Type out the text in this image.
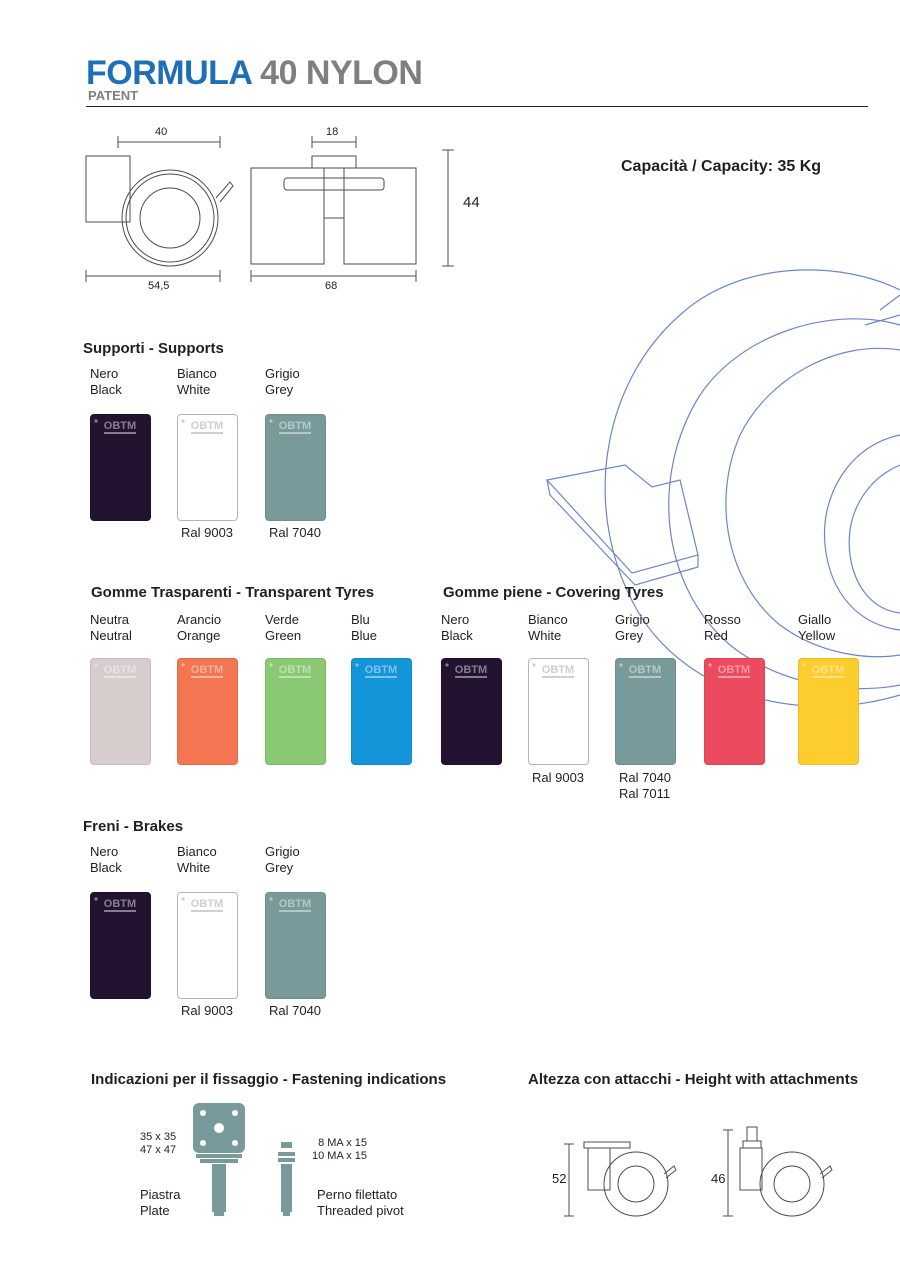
FORMULA 40 NYLON
PATENT
40	18
44
54,5	68
Capacità / Capacity: 35 Kg
Supporti - Supports
Gomme Trasparenti - Transparent Tyres	Gomme piene - Covering Tyres
Freni - Brakes
Nero
Black
OBTM
Bianco
White
OBTM
Ral 9003
Grigio
Grey
OBTM
Ral 7040
Neutra
Neutral
OBTM
Arancio
Orange
OBTM
Verde
Green
OBTM
Blu
Blue
OBTM
Nero
Black
OBTM
Bianco
White
OBTM
Ral 9003
Grigio
Grey
OBTM
Ral 7040
Ral 7011
Rosso
Red
OBTM
Giallo
Yellow
OBTM
Nero
Black
OBTM
Bianco
White
OBTM
Ral 9003
Grigio
Grey
OBTM
Ral 7040
Indicazioni per il fissaggio - Fastening indications	Altezza con attacchi - Height with attachments
35 x 35
47 x 47
Piastra
Plate
8 MA x 15
10 MA x 15
Perno filettato
Threaded pivot
52	46
